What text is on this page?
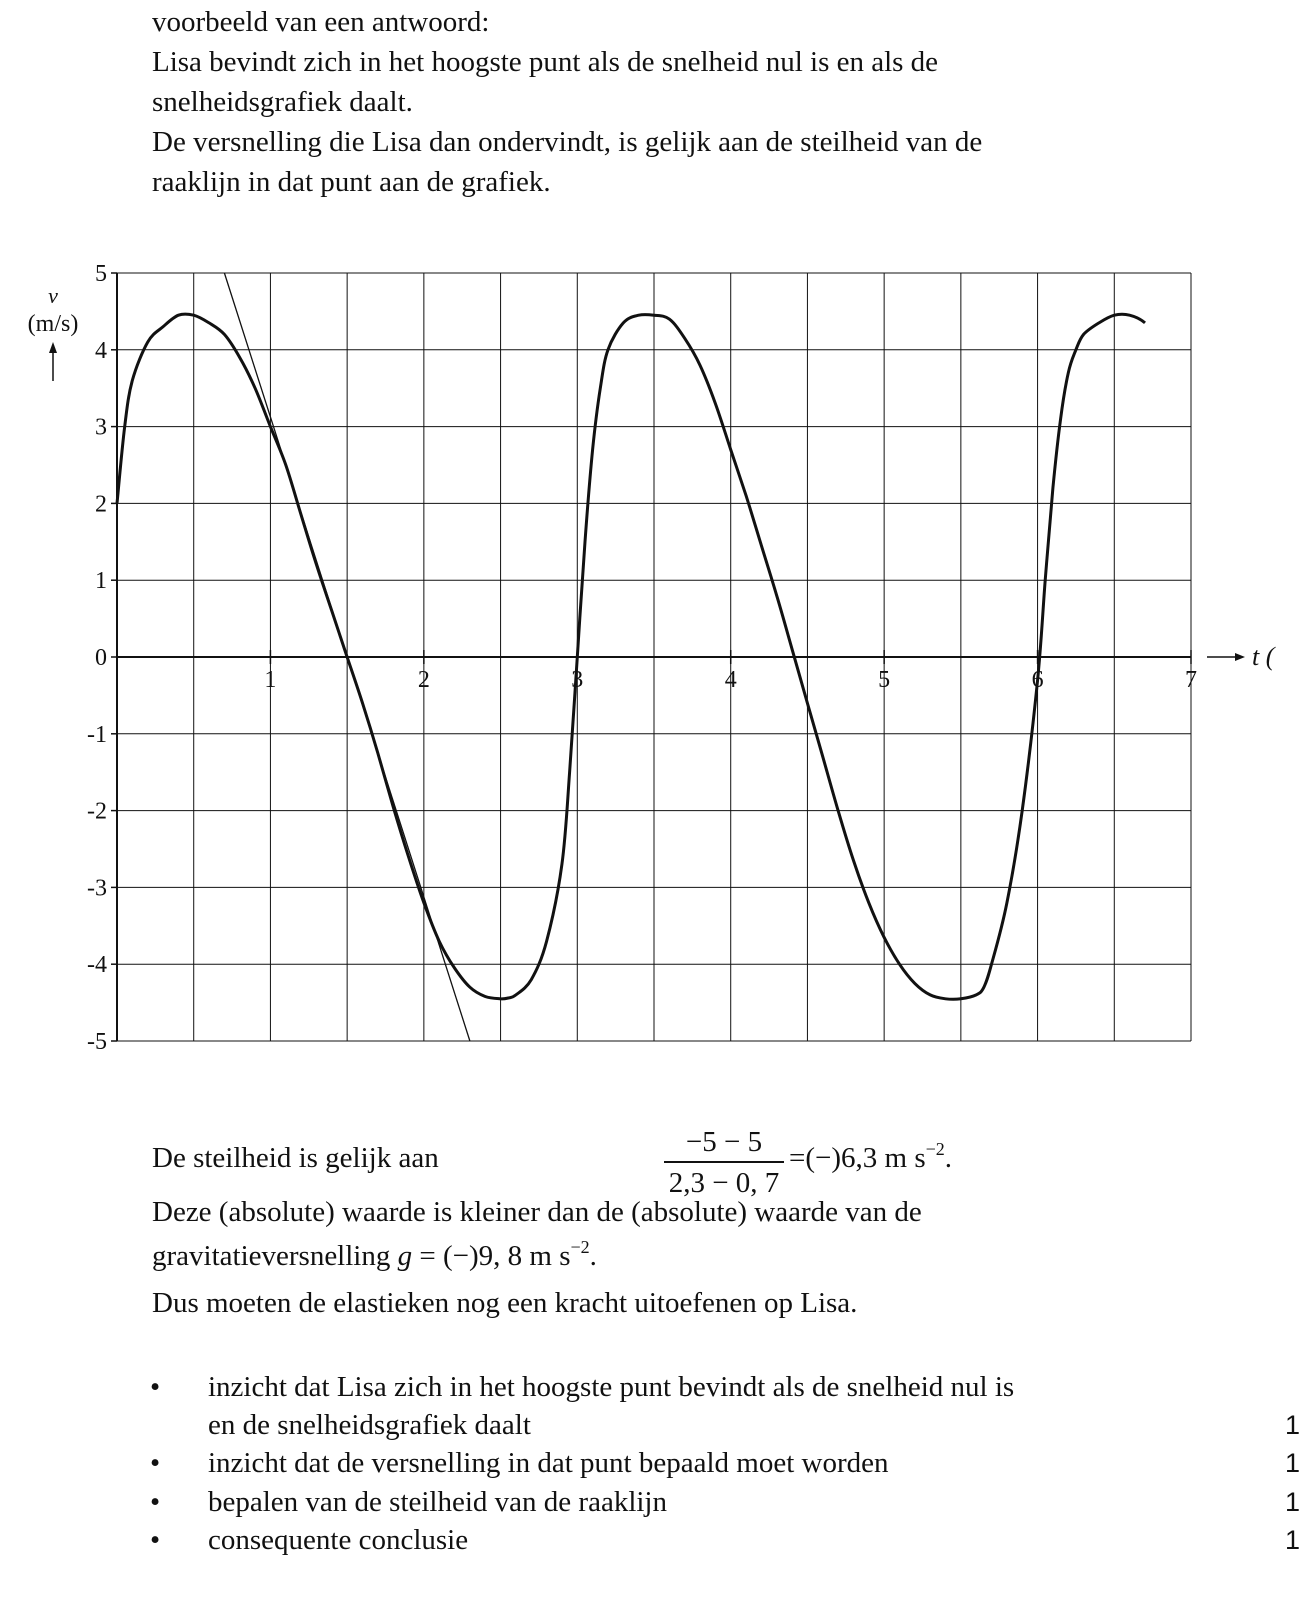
voorbeeld van een antwoord:
Lisa bevindt zich in het hoogste punt als de snelheid nul is en als de
snelheidsgrafiek daalt.
De versnelling die Lisa dan ondervindt, is gelijk aan de steilheid van de
raaklijn in dat punt aan de grafiek.
5
4
3
2
1
0
-1
-2
-3
-4
-5
1	2	3	4	5	6	7
v
(m/s)
t (
De steilheid is gelijk aan	$\frac{-5 - 5}{2,3 - 0, 7} =(-)6,3$ m $s^{-2}$.
Deze (absolute) waarde is kleiner dan de (absolute) waarde van de
gravitatieversnelling g = (−)9, 8 m $s^{-2}$.
Dus moeten de elastieken nog een kracht uitoefenen op Lisa.
• inzicht dat Lisa zich in het hoogste punt bevindt als de snelheid nul is
en de snelheidsgrafiek daalt	1
• inzicht dat de versnelling in dat punt bepaald moet worden	1
• bepalen van de steilheid van de raaklijn	1
• consequente conclusie	1
